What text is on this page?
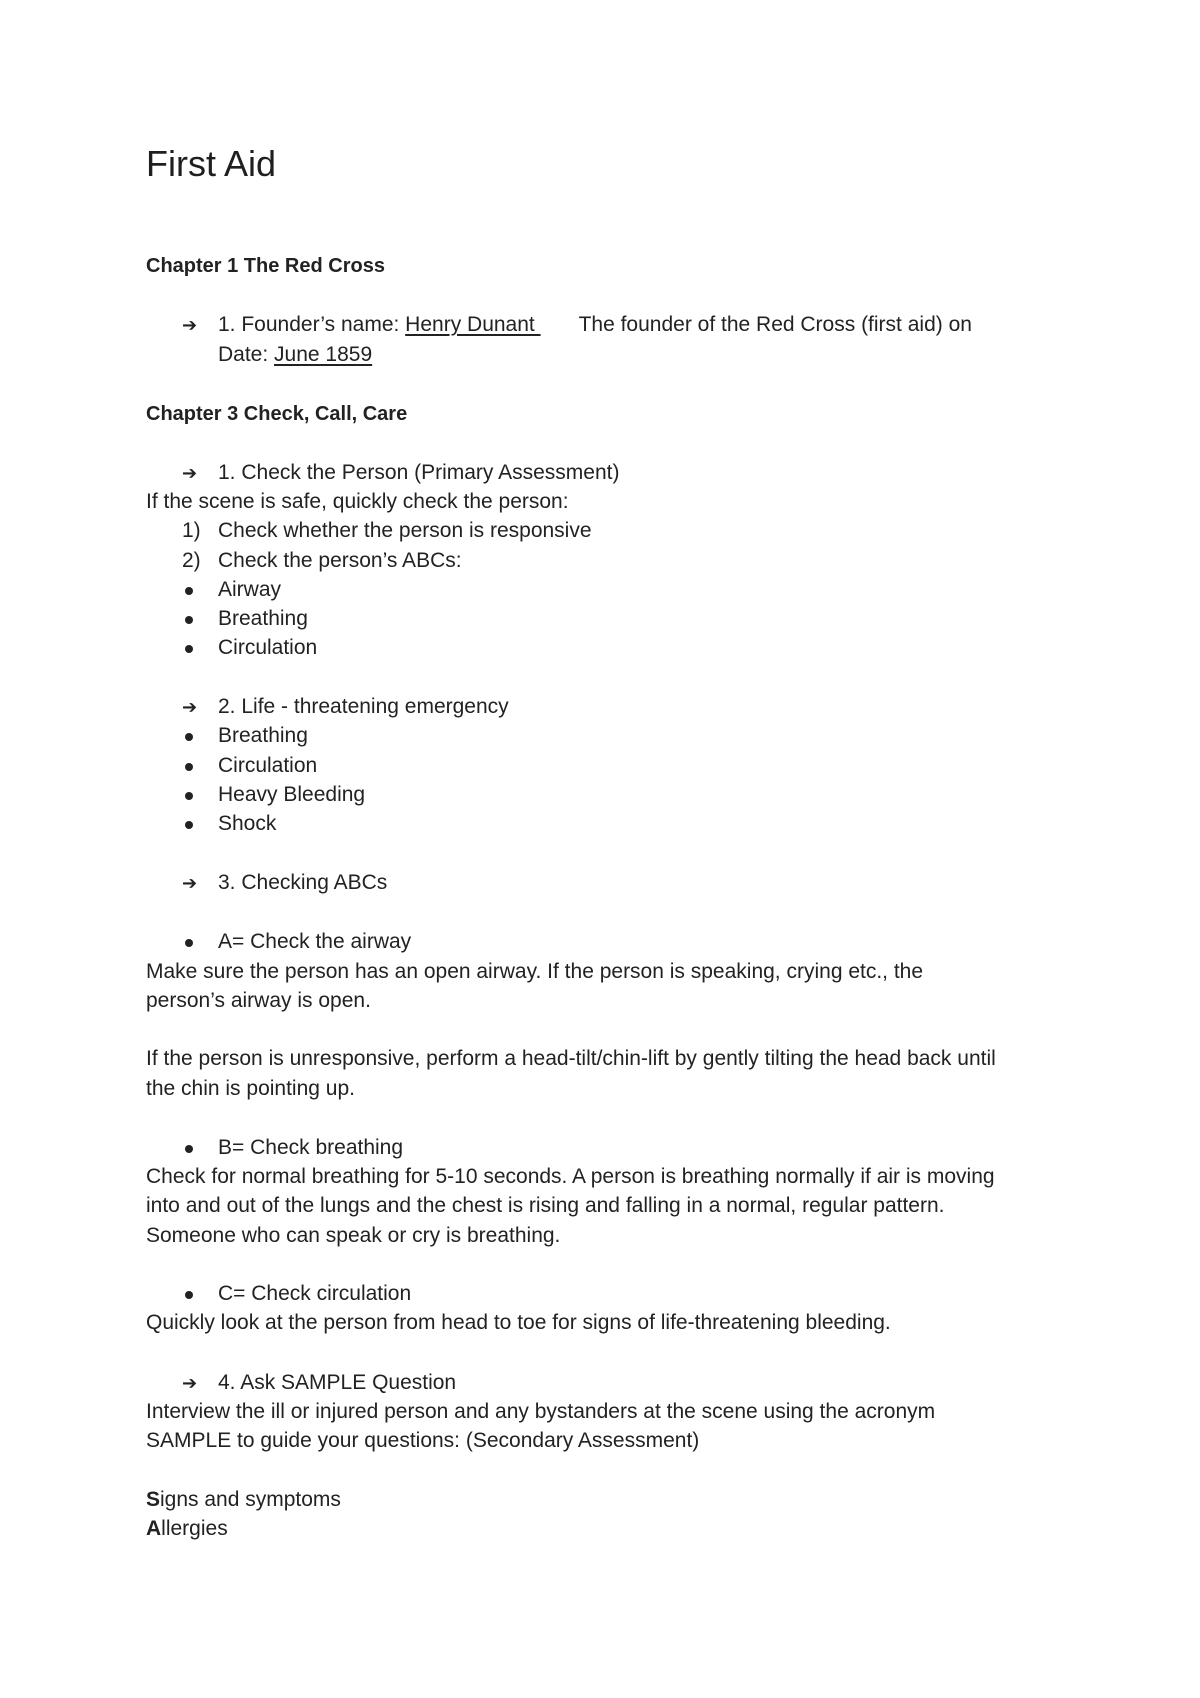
First Aid
Chapter 1 The Red Cross
➔ 1. Founder’s name: Henry Dunant The founder of the Red Cross (first aid) on
Date: June 1859
Chapter 3 Check, Call, Care
➔ 1. Check the Person (Primary Assessment)
If the scene is safe, quickly check the person:
1) Check whether the person is responsive
2) Check the person’s ABCs:
Airway
Breathing
Circulation
➔ 2. Life - threatening emergency
Breathing
Circulation
Heavy Bleeding
Shock
➔ 3. Checking ABCs
A= Check the airway
Make sure the person has an open airway. If the person is speaking, crying etc., the
person’s airway is open.
If the person is unresponsive, perform a head-tilt/chin-lift by gently tilting the head back until
the chin is pointing up.
B= Check breathing
Check for normal breathing for 5-10 seconds. A person is breathing normally if air is moving
into and out of the lungs and the chest is rising and falling in a normal, regular pattern.
Someone who can speak or cry is breathing.
C= Check circulation
Quickly look at the person from head to toe for signs of life-threatening bleeding.
➔ 4. Ask SAMPLE Question
Interview the ill or injured person and any bystanders at the scene using the acronym
SAMPLE to guide your questions: (Secondary Assessment)
Signs and symptoms
Allergies
